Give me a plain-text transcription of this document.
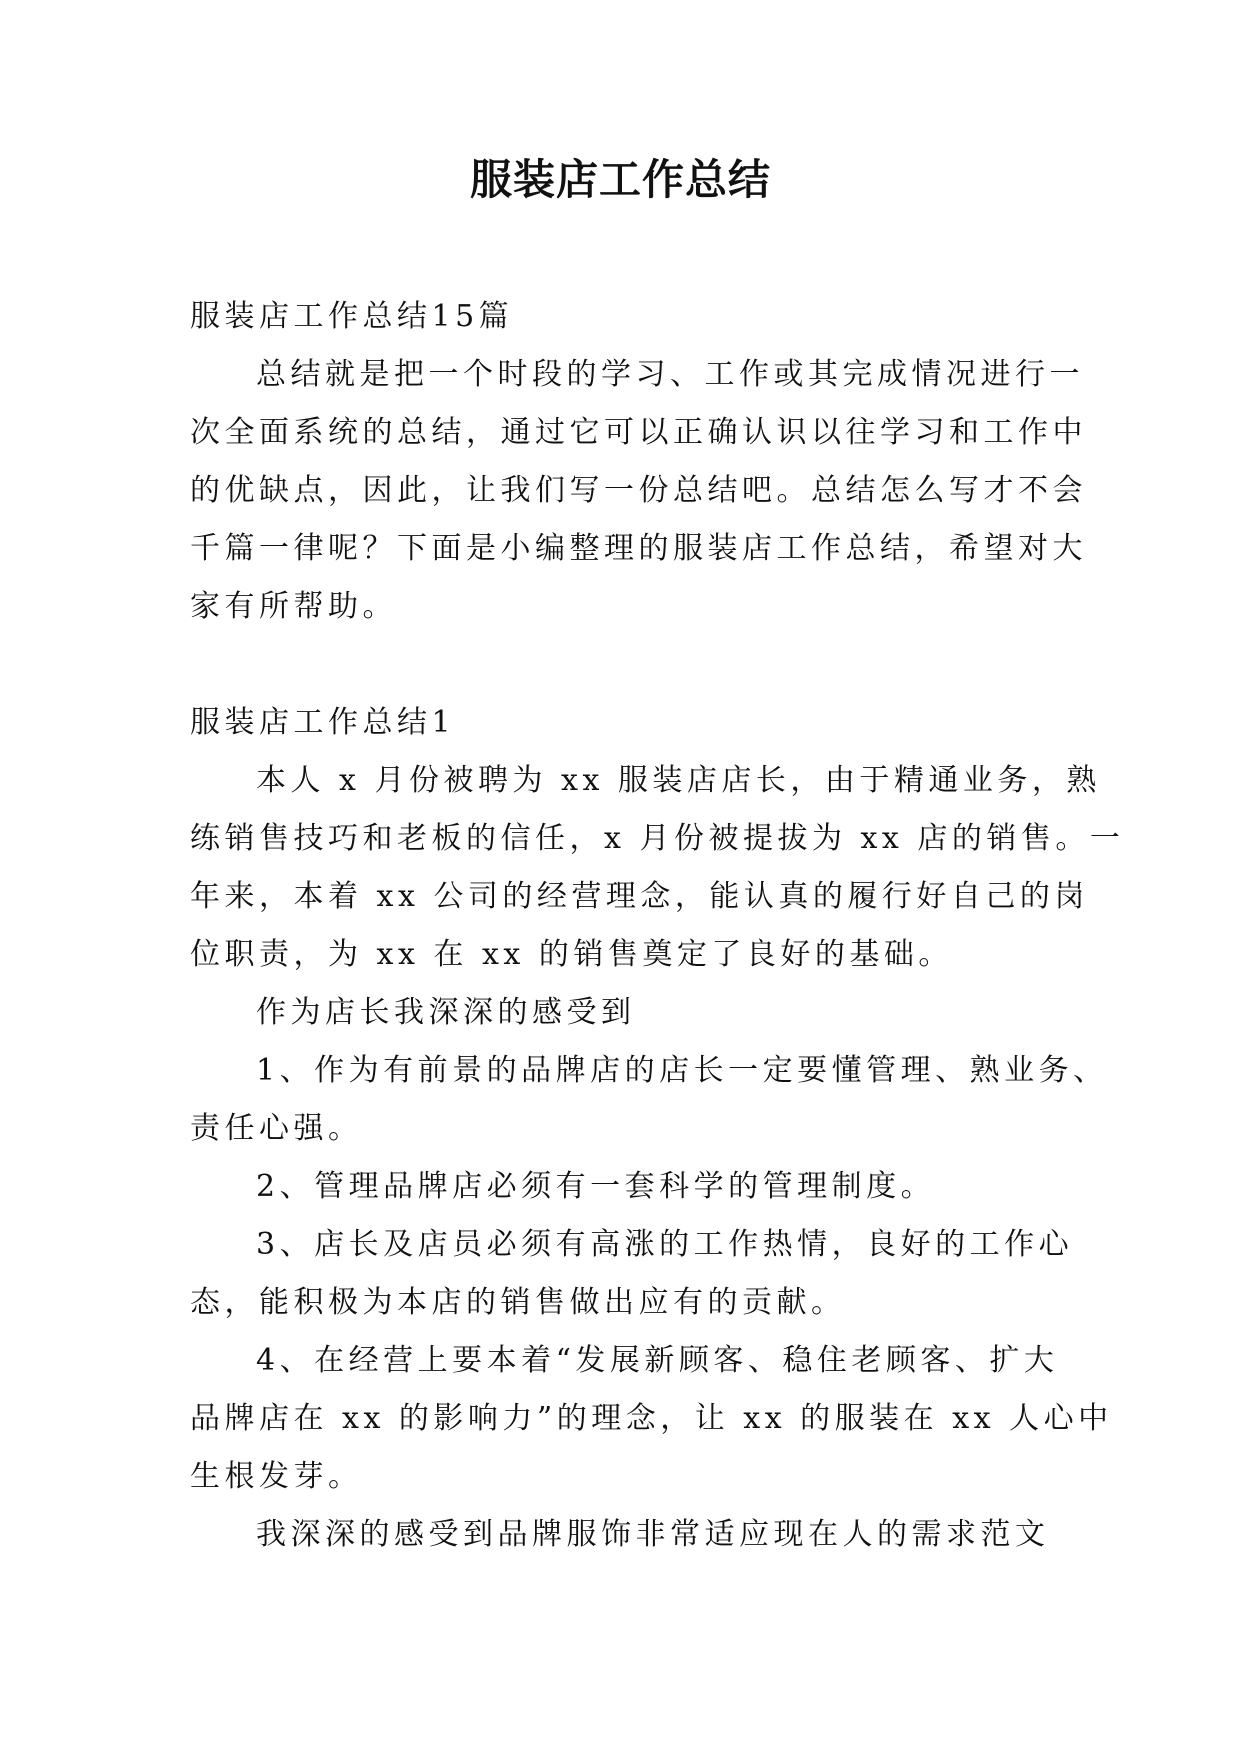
服装店工作总结

服装店工作总结15篇

总结就是把一个时段的学习、工作或其完成情况进行一

次全面系统的总结，通过它可以正确认识以往学习和工作中

的优缺点，因此，让我们写一份总结吧。总结怎么写才不会

千篇一律呢？下面是小编整理的服装店工作总结，希望对大

家有所帮助。

服装店工作总结1

本人 x 月份被聘为 xx 服装店店长，由于精通业务，熟

练销售技巧和老板的信任，x 月份被提拔为 xx 店的销售。一

年来，本着 xx 公司的经营理念，能认真的履行好自己的岗

位职责，为 xx 在 xx 的销售奠定了良好的基础。

作为店长我深深的感受到

1、作为有前景的品牌店的店长一定要懂管理、熟业务、

责任心强。

2、管理品牌店必须有一套科学的管理制度。

3、店长及店员必须有高涨的工作热情，良好的工作心

态，能积极为本店的销售做出应有的贡献。

4、在经营上要本着“发展新顾客、稳住老顾客、扩大

品牌店在 xx 的影响力”的理念，让 xx 的服装在 xx 人心中

生根发芽。

我深深的感受到品牌服饰非常适应现在人的需求范文
